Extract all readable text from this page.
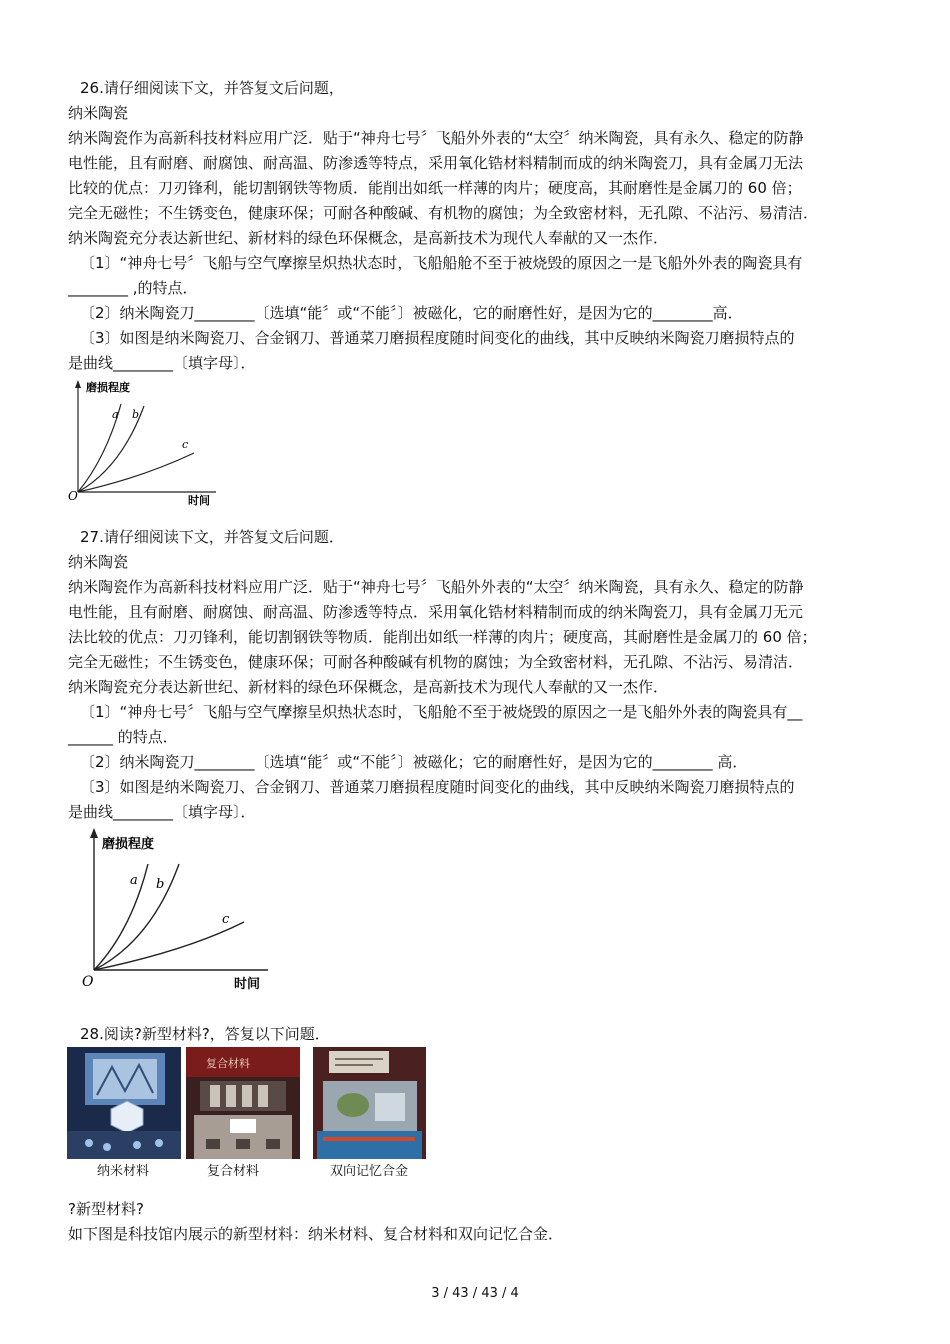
26.请仔细阅读下文，并答复文后问题，
纳米陶瓷
纳米陶瓷作为高新科技材料应用广泛．贴于“神舟七号〞飞船外外表的“太空〞纳米陶瓷，具有永久、稳定的防静
电性能，且有耐磨、耐腐蚀、耐高温、防渗透等特点，采用氧化锆材料精制而成的纳米陶瓷刀，具有金属刀无法
比较的优点：刀刃锋利，能切割钢铁等物质．能削出如纸一样薄的肉片；硬度高，其耐磨性是金属刀的 60 倍；
完全无磁性；不生锈变色，健康环保；可耐各种酸碱、有机物的腐蚀；为全致密材料，无孔隙、不沾污、易清洁．
纳米陶瓷充分表达新世纪、新材料的绿色环保概念，是高新技术为现代人奉献的又一杰作．
〔1〕“神舟七号〞飞船与空气摩擦呈炽热状态时，飞船船舱不至于被烧毁的原因之一是飞船外外表的陶瓷具有
________ ,的特点．
〔2〕纳米陶瓷刀________〔选填“能〞或“不能〞〕被磁化，它的耐磨性好，是因为它的________高．
〔3〕如图是纳米陶瓷刀、合金钢刀、普通菜刀磨损程度随时间变化的曲线，其中反映纳米陶瓷刀磨损特点的
是曲线________〔填字母〕．
磨损程度
a b
c
O	时间
27.请仔细阅读下文，并答复文后问题．
纳米陶瓷
纳米陶瓷作为高新科技材料应用广泛．贴于“神舟七号〞飞船外外表的“太空〞纳米陶瓷，具有永久、稳定的防静
电性能，且有耐磨、耐腐蚀、耐高温、防渗透等特点．采用氧化锆材料精制而成的纳米陶瓷刀，具有金属刀无元
法比较的优点：刀刃锋利，能切割钢铁等物质．能削出如纸一样薄的肉片；硬度高，其耐磨性是金属刀的 60 倍；
完全无磁性；不生锈变色，健康环保；可耐各种酸碱有机物的腐蚀；为全致密材料，无孔隙、不沾污、易清洁．
纳米陶瓷充分表达新世纪、新材料的绿色环保概念，是高新技术为现代人奉献的又一杰作．
〔1〕“神舟七号〞飞船与空气摩擦呈炽热状态时，飞船舱不至于被烧毁的原因之一是飞船外外表的陶瓷具有__
______ 的特点．
〔2〕纳米陶瓷刀________〔选填“能〞或“不能〞〕被磁化；它的耐磨性好，是因为它的________ 高．
〔3〕如图是纳米陶瓷刀、合金钢刀、普通菜刀磨损程度随时间变化的曲线，其中反映纳米陶瓷刀磨损特点的
是曲线________〔填字母〕．
磨损程度
a b
c
O	时间
28.阅读?新型材料?，答复以下问题．
纳米材料
复合材料
复合材料	双向记忆合金
?新型材料?
如下图是科技馆内展示的新型材料：纳米材料、复合材料和双向记忆合金．
3 / 43 / 43 / 4
